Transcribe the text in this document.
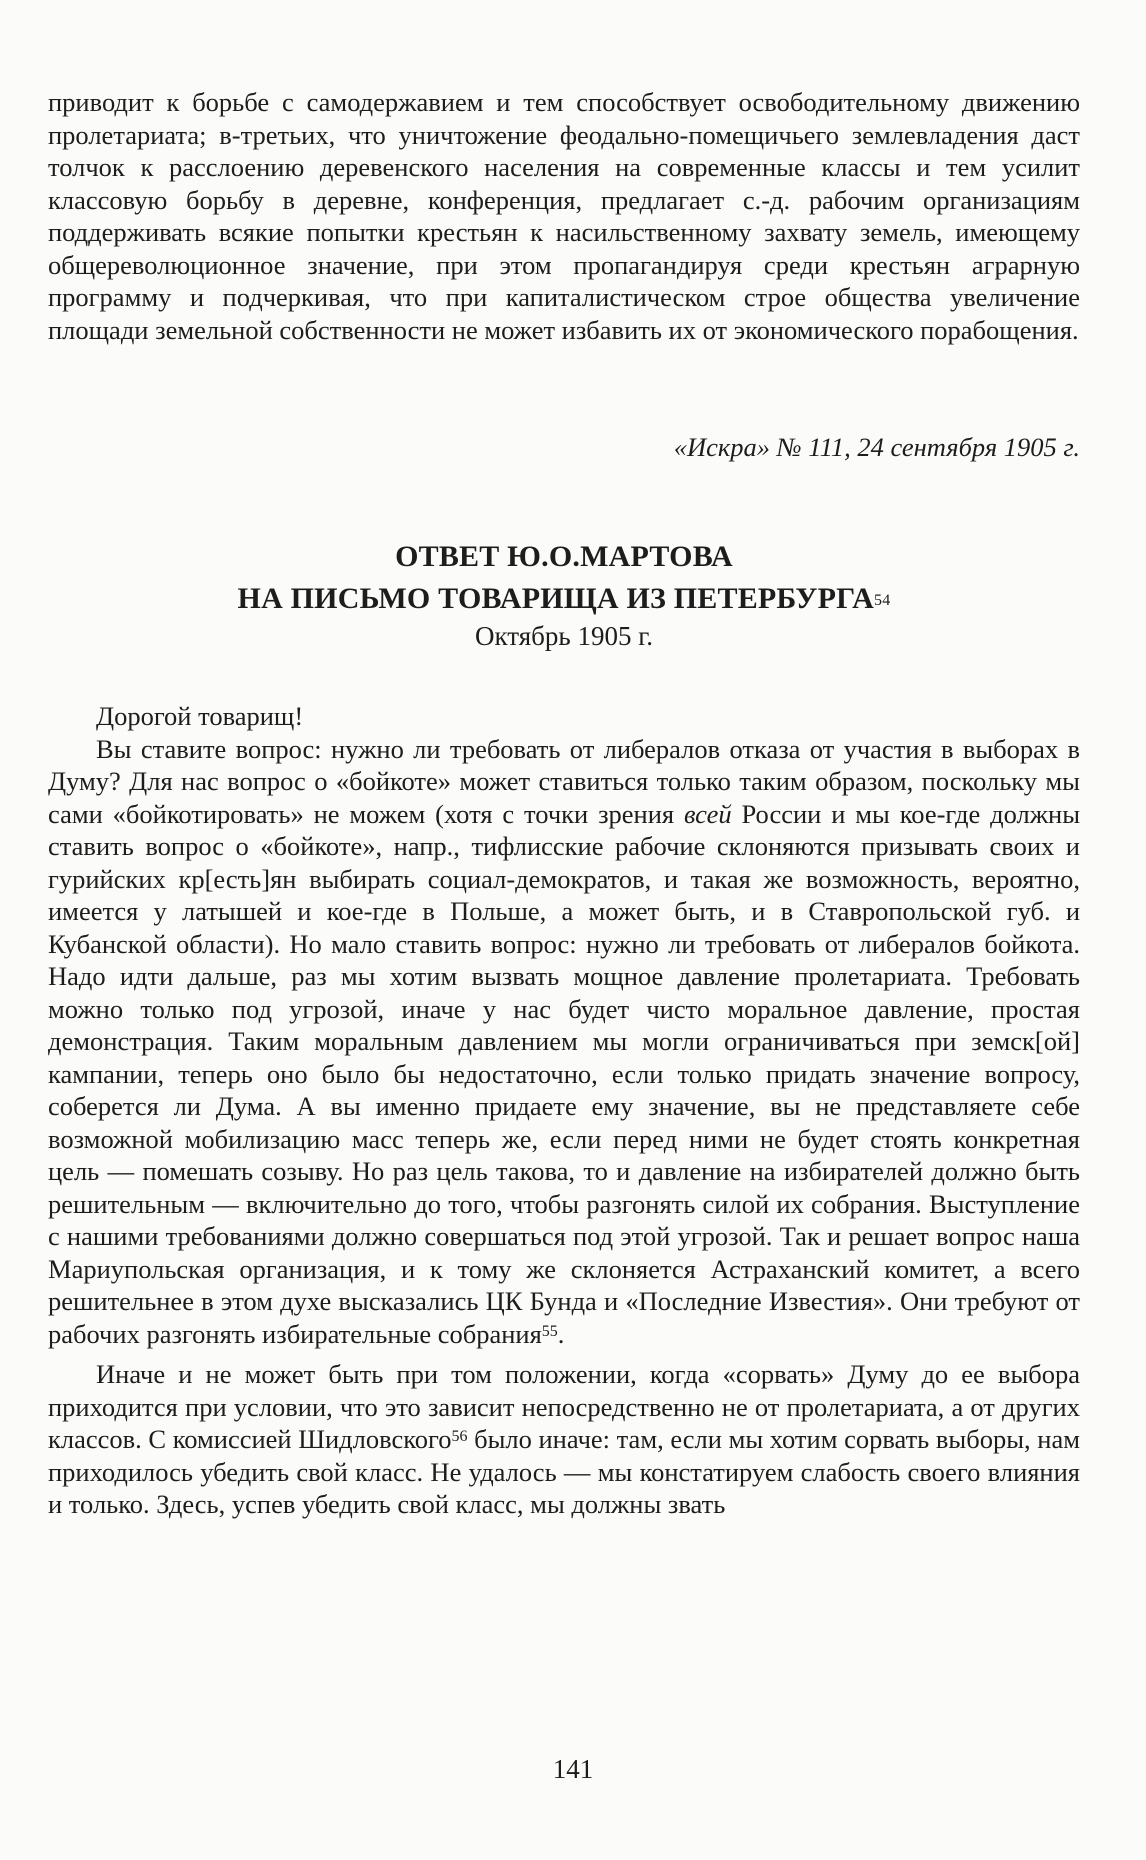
приводит к борьбе с самодержавием и тем способствует освободительному движению пролетариата; в-третьих, что уничтожение феодально-помещичьего землевладения даст толчок к расслоению деревенского населения на современные классы и тем усилит классовую борьбу в деревне, конференция, предлагает с.-д. рабочим организациям поддерживать всякие попытки крестьян к насильственному захвату земель, имеющему общереволюционное значение, при этом пропагандируя среди крестьян аграрную программу и подчеркивая, что при капиталистическом строе общества увеличение площади земельной собственности не может избавить их от экономического порабощения.

«Искра» № 111, 24 сентября 1905 г.
ОТВЕТ Ю.О.МАРТОВА
НА ПИСЬМО ТОВАРИЩА ИЗ ПЕТЕРБУРГА$^{54}$
Октябрь 1905 г.

Дорогой товарищ!

Вы ставите вопрос: нужно ли требовать от либералов отказа от участия в выборах в Думу? Для нас вопрос о «бойкоте» может ставиться только таким образом, поскольку мы сами «бойкотировать» не можем (хотя с точки зрения всей России и мы кое-где должны ставить вопрос о «бойкоте», напр., тифлисские рабочие склоняются призывать своих и гурийских кр[есть]ян выбирать социал-демократов, и такая же возможность, вероятно, имеется у латышей и кое-где в Польше, а может быть, и в Ставропольской губ. и Кубанской области). Но мало ставить вопрос: нужно ли требовать от либералов бойкота. Надо идти дальше, раз мы хотим вызвать мощное давление пролетариата. Требовать можно только под угрозой, иначе у нас будет чисто моральное давление, простая демонстрация. Таким моральным давлением мы могли ограничиваться при земск[ой] кампании, теперь оно было бы недостаточно, если только придать значение вопросу, соберется ли Дума. А вы именно придаете ему значение, вы не представляете себе возможной мобилизацию масс теперь же, если перед ними не будет стоять конкретная цель — помешать созыву. Но раз цель такова, то и давление на избирателей должно быть решительным — включительно до того, чтобы разгонять силой их собрания. Выступление с нашими требованиями должно совершаться под этой угрозой. Так и решает вопрос наша Мариупольская организация, и к тому же склоняется Астраханский комитет, а всего решительнее в этом духе высказались ЦК Бунда и «Последние Известия». Они требуют от рабочих разгонять избирательные собрания$^{55}$.

Иначе и не может быть при том положении, когда «сорвать» Думу до ее выбора приходится при условии, что это зависит непосредственно не от пролетариата, а от других классов. С комиссией Шидловского$^{56}$ было иначе: там, если мы хотим сорвать выборы, нам приходилось убедить свой класс. Не удалось — мы констатируем слабость своего влияния и только. Здесь, успев убедить свой класс, мы должны звать

141
